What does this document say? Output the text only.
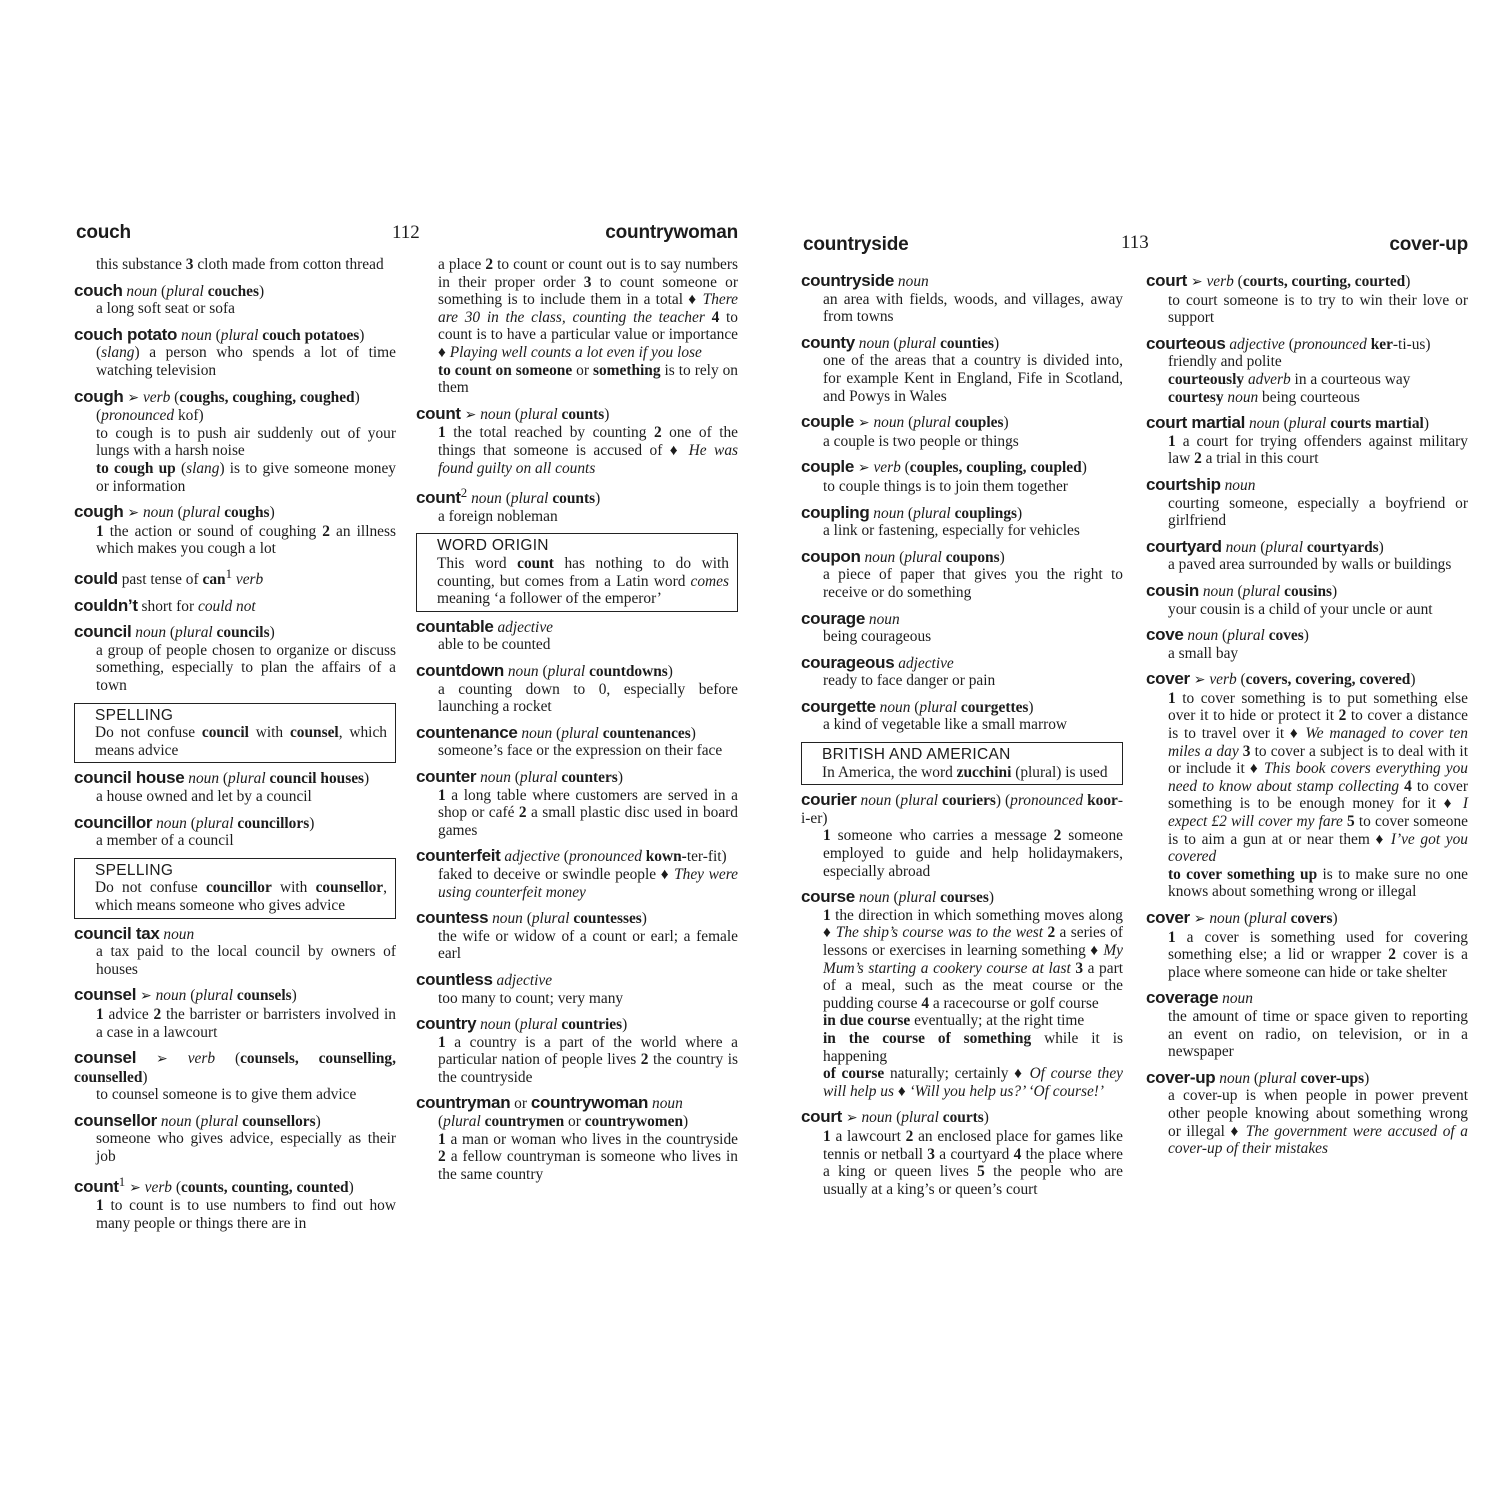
couch	112	countrywoman
this substance 3 cloth made from cotton thread
couch noun (plural couches)
a long soft seat or sofa
couch potato noun (plural couch potatoes)
(slang) a person who spends a lot of time watching television
cough ➢ verb (coughs, coughing, coughed)
(pronounced kof)
to cough is to push air suddenly out of your lungs with a harsh noise
to cough up (slang) is to give someone money or information
cough ➢ noun (plural coughs)
1 the action or sound of coughing 2 an illness which makes you cough a lot
could past tense of can$^1$ verb
couldn’t short for could not
council noun (plural councils)
a group of people chosen to organize or discuss something, especially to plan the affairs of a town
SPELLING
Do not confuse council with counsel, which means advice
council house noun (plural council houses)
a house owned and let by a council
councillor noun (plural councillors)
a member of a council
SPELLING
Do not confuse councillor with counsellor, which means someone who gives advice
council tax noun
a tax paid to the local council by owners of houses
counsel ➢ noun (plural counsels)
1 advice 2 the barrister or barristers involved in a case in a lawcourt
counsel ➢ verb (counsels, counselling, counselled)
to counsel someone is to give them advice
counsellor noun (plural counsellors)
someone who gives advice, especially as their job
count$^1$ ➢ verb (counts, counting, counted)
1 to count is to use numbers to find out how many people or things there are in
a place 2 to count or count out is to say numbers in their proper order 3 to count someone or something is to include them in a total ♦ There are 30 in the class, counting the teacher 4 to count is to have a particular value or importance ♦ Playing well counts a lot even if you lose
to count on someone or something is to rely on them
count ➢ noun (plural counts)
1 the total reached by counting 2 one of the things that someone is accused of ♦ He was found guilty on all counts
count$^2$ noun (plural counts)
a foreign nobleman
WORD ORIGIN
This word count has nothing to do with counting, but comes from a Latin word comes meaning ‘a follower of the emperor’
countable adjective
able to be counted
countdown noun (plural countdowns)
a counting down to 0, especially before launching a rocket
countenance noun (plural countenances)
someone’s face or the expression on their face
counter noun (plural counters)
1 a long table where customers are served in a shop or café 2 a small plastic disc used in board games
counterfeit adjective (pronounced kown-ter-fit)
faked to deceive or swindle people ♦ They were using counterfeit money
countess noun (plural countesses)
the wife or widow of a count or earl; a female earl
countless adjective
too many to count; very many
country noun (plural countries)
1 a country is a part of the world where a particular nation of people lives 2 the country is the countryside
countryman or countrywoman noun
(plural countrymen or countrywomen)
1 a man or woman who lives in the countryside 2 a fellow countryman is someone who lives in the same country
countryside	113	cover-up
countryside noun
an area with fields, woods, and villages, away from towns
county noun (plural counties)
one of the areas that a country is divided into, for example Kent in England, Fife in Scotland, and Powys in Wales
couple ➢ noun (plural couples)
a couple is two people or things
couple ➢ verb (couples, coupling, coupled)
to couple things is to join them together
coupling noun (plural couplings)
a link or fastening, especially for vehicles
coupon noun (plural coupons)
a piece of paper that gives you the right to receive or do something
courage noun
being courageous
courageous adjective
ready to face danger or pain
courgette noun (plural courgettes)
a kind of vegetable like a small marrow
BRITISH AND AMERICAN
In America, the word zucchini (plural) is used
courier noun (plural couriers) (pronounced koor-i-er)
1 someone who carries a message 2 someone employed to guide and help holidaymakers, especially abroad
course noun (plural courses)
1 the direction in which something moves along ♦ The ship’s course was to the west 2 a series of lessons or exercises in learning something ♦ My Mum’s starting a cookery course at last 3 a part of a meal, such as the meat course or the pudding course 4 a racecourse or golf course
in due course eventually; at the right time
in the course of something while it is happening
of course naturally; certainly ♦ Of course they will help us ♦ ‘Will you help us?’ ‘Of course!’
court ➢ noun (plural courts)
1 a lawcourt 2 an enclosed place for games like tennis or netball 3 a courtyard 4 the place where a king or queen lives 5 the people who are usually at a king’s or queen’s court
court ➢ verb (courts, courting, courted)
to court someone is to try to win their love or support
courteous adjective (pronounced ker-ti-us)
friendly and polite
courteously adverb in a courteous way
courtesy noun being courteous
court martial noun (plural courts martial)
1 a court for trying offenders against military law 2 a trial in this court
courtship noun
courting someone, especially a boyfriend or girlfriend
courtyard noun (plural courtyards)
a paved area surrounded by walls or buildings
cousin noun (plural cousins)
your cousin is a child of your uncle or aunt
cove noun (plural coves)
a small bay
cover ➢ verb (covers, covering, covered)
1 to cover something is to put something else over it to hide or protect it 2 to cover a distance is to travel over it ♦ We managed to cover ten miles a day 3 to cover a subject is to deal with it or include it ♦ This book covers everything you need to know about stamp collecting 4 to cover something is to be enough money for it ♦ I expect £2 will cover my fare 5 to cover someone is to aim a gun at or near them ♦ I’ve got you covered
to cover something up is to make sure no one knows about something wrong or illegal
cover ➢ noun (plural covers)
1 a cover is something used for covering something else; a lid or wrapper 2 cover is a place where someone can hide or take shelter
coverage noun
the amount of time or space given to reporting an event on radio, on television, or in a newspaper
cover-up noun (plural cover-ups)
a cover-up is when people in power prevent other people knowing about something wrong or illegal ♦ The government were accused of a cover-up of their mistakes
